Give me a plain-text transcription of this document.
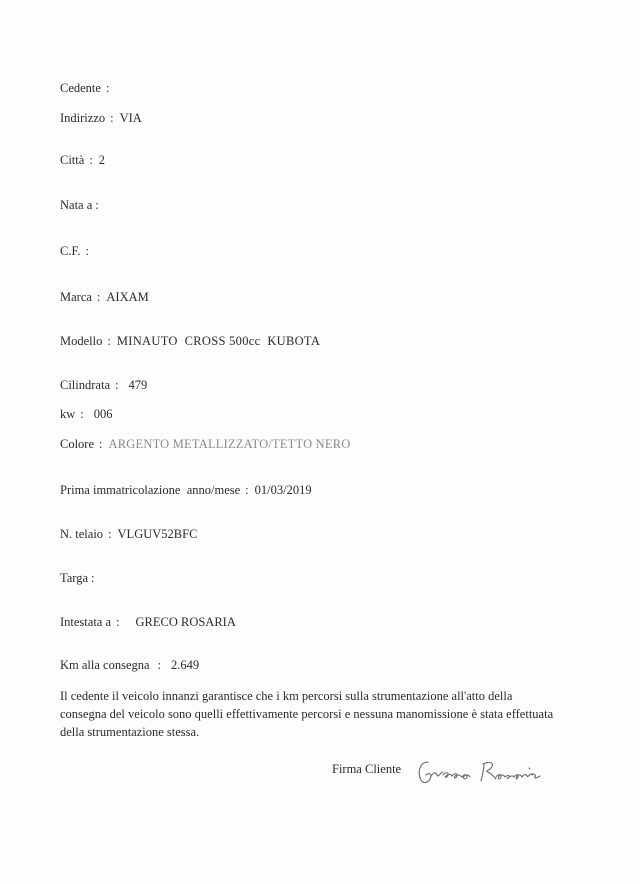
Cedente :
Indirizzo : VIA
Città : 2
Nata a :
C.F. :
Marca : AIXAM
Modello : MINAUTO  CROSS 500cc  KUBOTA
Cilindrata : 479
kw : 006
Colore : ARGENTO METALLIZZATO/TETTO NERO
Prima immatricolazione  anno/mese : 01/03/2019
N. telaio : VLGUV52BFC
Targa :
Intestata a : GRECO ROSARIA
Km alla consegna : 2.649
Il cedente il veicolo innanzi garantisce che i km percorsi sulla strumentazione all'atto della
consegna del veicolo sono quelli effettivamente percorsi e nessuna manomissione è stata effettuata
della strumentazione stessa.
Firma Cliente
